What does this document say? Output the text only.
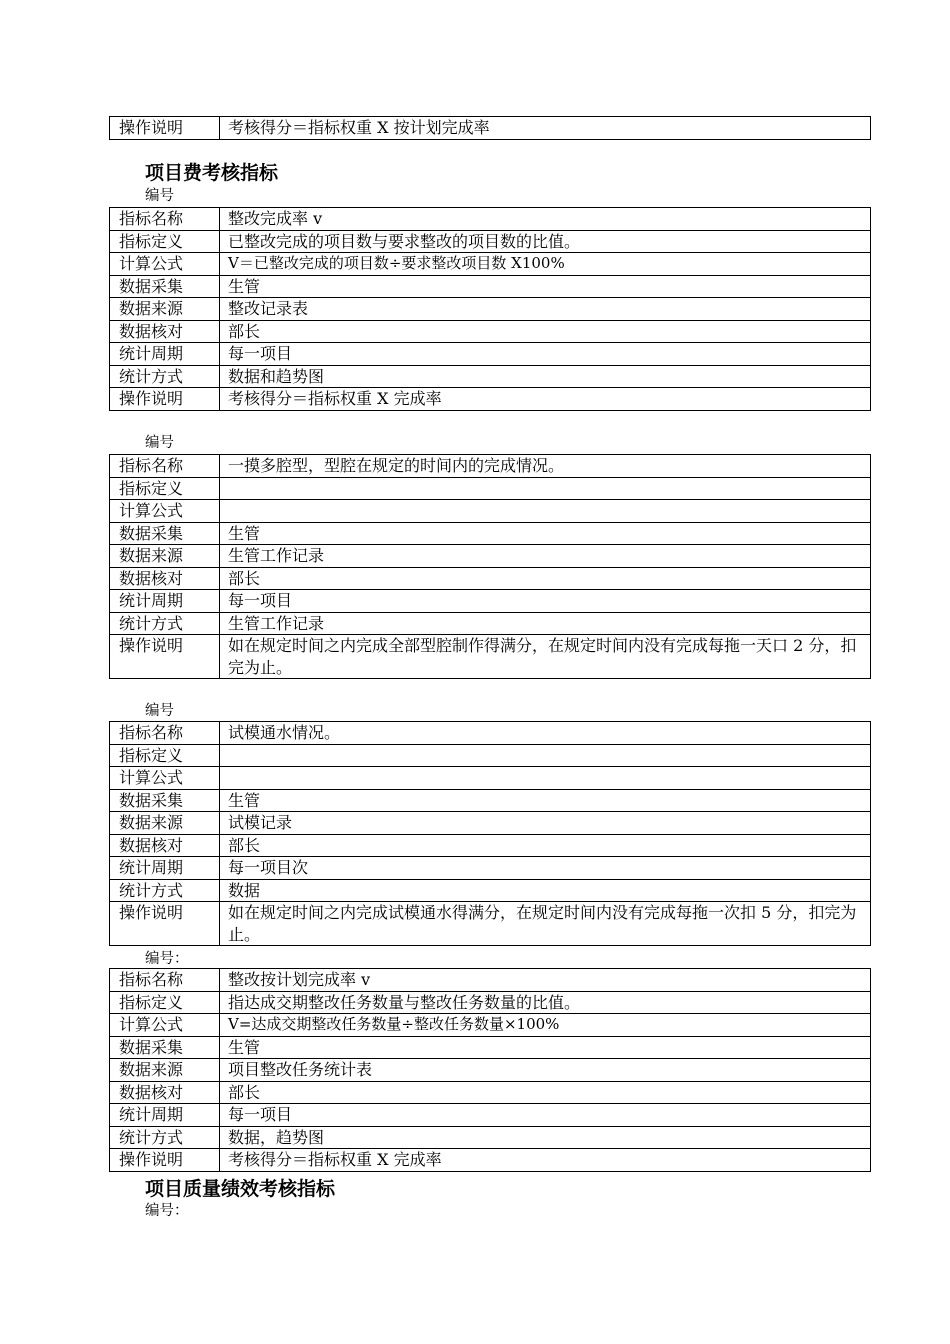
操作说明	考核得分＝指标权重 X 按计划完成率
项目费考核指标
编号
指标名称	整改完成率 v
指标定义	已整改完成的项目数与要求整改的项目数的比值。
计算公式	V＝已整改完成的项目数÷要求整改项目数 X100%
数据采集	生管
数据来源	整改记录表
数据核对	部长
统计周期	每一项目
统计方式	数据和趋势图
操作说明	考核得分＝指标权重 X 完成率
编号
指标名称	一摸多腔型，型腔在规定的时间内的完成情况。
指标定义	
计算公式	
数据采集	生管
数据来源	生管工作记录
数据核对	部长
统计周期	每一项目
统计方式	生管工作记录
操作说明	如在规定时间之内完成全部型腔制作得满分，在规定时间内没有完成每拖一天口 2 分，扣完为止。
编号
指标名称	试模通水情况。
指标定义	
计算公式	
数据采集	生管
数据来源	试模记录
数据核对	部长
统计周期	每一项目次
统计方式	数据
操作说明	如在规定时间之内完成试模通水得满分，在规定时间内没有完成每拖一次扣 5 分，扣完为止。
编号：
指标名称	整改按计划完成率 v
指标定义	指达成交期整改任务数量与整改任务数量的比值。
计算公式	V=达成交期整改任务数量÷整改任务数量×100%
数据采集	生管
数据来源	项目整改任务统计表
数据核对	部长
统计周期	每一项目
统计方式	数据，趋势图
操作说明	考核得分＝指标权重 X 完成率
项目质量绩效考核指标
编号：
